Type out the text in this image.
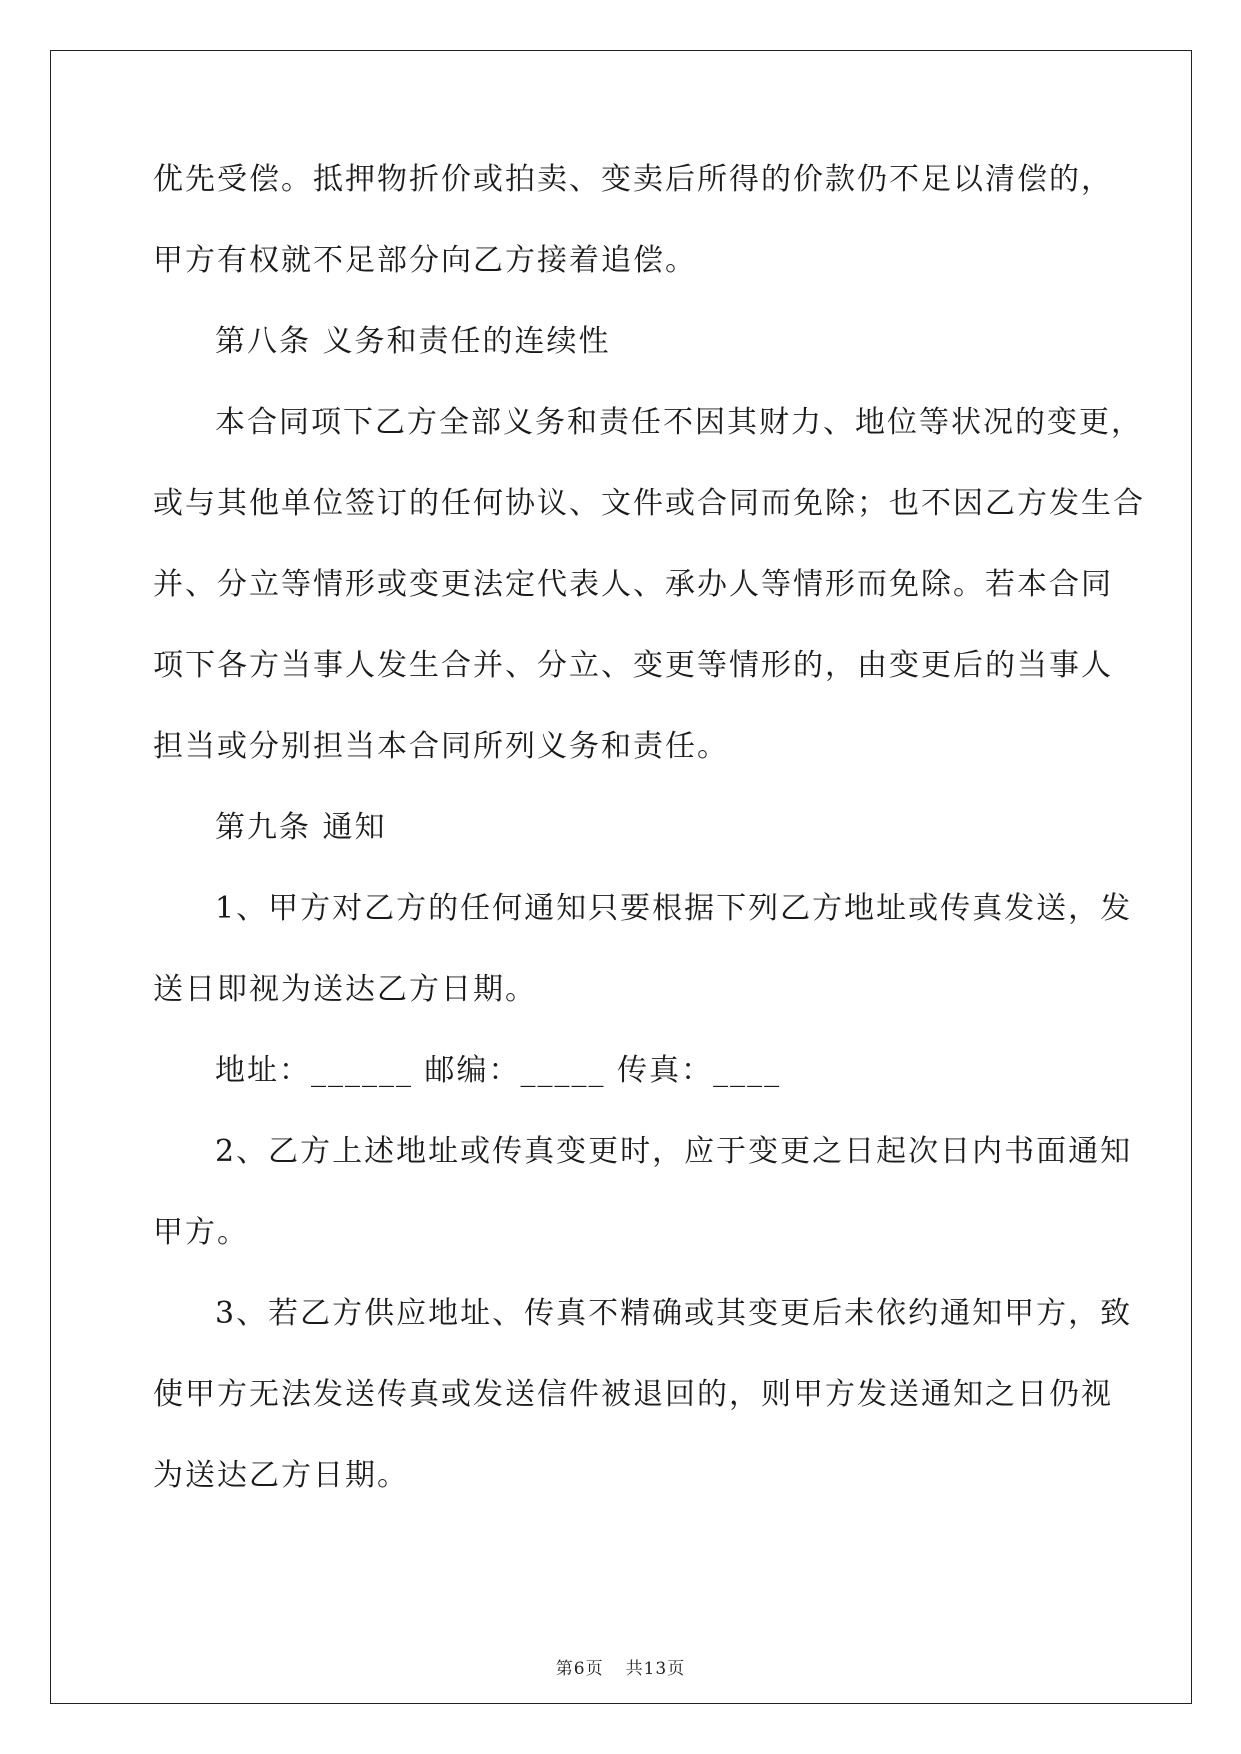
优先受偿。抵押物折价或拍卖、变卖后所得的价款仍不足以清偿的，
甲方有权就不足部分向乙方接着追偿。
第八条 义务和责任的连续性
本合同项下乙方全部义务和责任不因其财力、地位等状况的变更，
或与其他单位签订的任何协议、文件或合同而免除；也不因乙方发生合
并、分立等情形或变更法定代表人、承办人等情形而免除。若本合同
项下各方当事人发生合并、分立、变更等情形的，由变更后的当事人
担当或分别担当本合同所列义务和责任。
第九条 通知
1、甲方对乙方的任何通知只要根据下列乙方地址或传真发送，发
送日即视为送达乙方日期。
地址：______ 邮编：_____ 传真：____
2、乙方上述地址或传真变更时，应于变更之日起次日内书面通知
甲方。
3、若乙方供应地址、传真不精确或其变更后未依约通知甲方，致
使甲方无法发送传真或发送信件被退回的，则甲方发送通知之日仍视
为送达乙方日期。
第6页 共13页
